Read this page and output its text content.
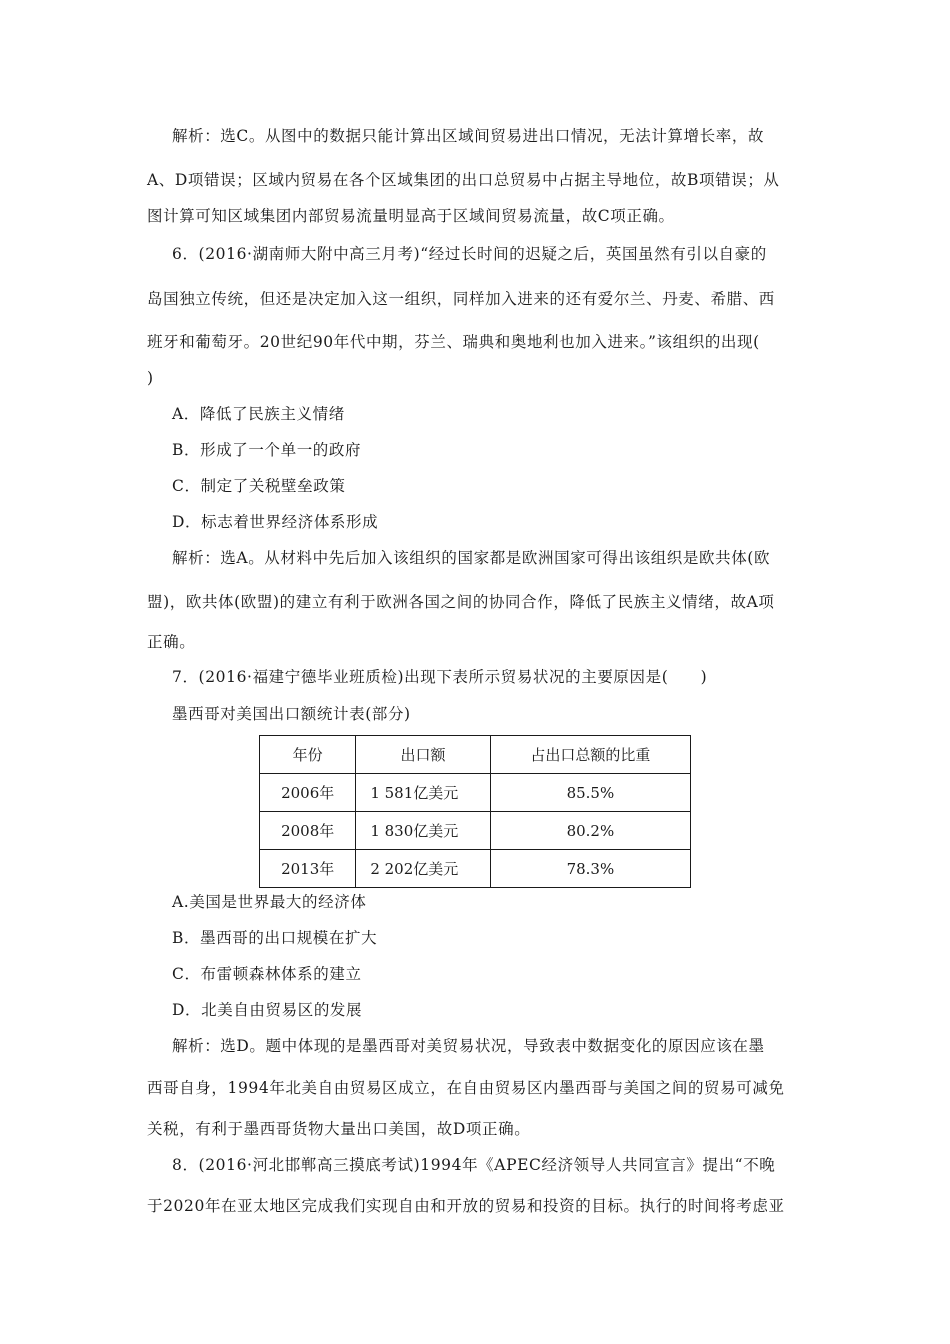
解析：选C。从图中的数据只能计算出区域间贸易进出口情况，无法计算增长率，故
A、D项错误；区域内贸易在各个区域集团的出口总贸易中占据主导地位，故B项错误；从
图计算可知区域集团内部贸易流量明显高于区域间贸易流量，故C项正确。
6．(2016·湖南师大附中高三月考)“经过长时间的迟疑之后，英国虽然有引以自豪的
岛国独立传统，但还是决定加入这一组织，同样加入进来的还有爱尔兰、丹麦、希腊、西
班牙和葡萄牙。20世纪90年代中期，芬兰、瑞典和奥地利也加入进来。”该组织的出现(
)
A．降低了民族主义情绪
B．形成了一个单一的政府
C．制定了关税壁垒政策
D．标志着世界经济体系形成
解析：选A。从材料中先后加入该组织的国家都是欧洲国家可得出该组织是欧共体(欧
盟)，欧共体(欧盟)的建立有利于欧洲各国之间的协同合作，降低了民族主义情绪，故A项
正确。
7．(2016·福建宁德毕业班质检)出现下表所示贸易状况的主要原因是(　　)
墨西哥对美国出口额统计表(部分)
年份	出口额	占出口总额的比重
2006年	1 581亿美元	85.5%
2008年	1 830亿美元	80.2%
2013年	2 202亿美元	78.3%
A.美国是世界最大的经济体
B．墨西哥的出口规模在扩大
C．布雷顿森林体系的建立
D．北美自由贸易区的发展
解析：选D。题中体现的是墨西哥对美贸易状况，导致表中数据变化的原因应该在墨
西哥自身，1994年北美自由贸易区成立，在自由贸易区内墨西哥与美国之间的贸易可减免
关税，有利于墨西哥货物大量出口美国，故D项正确。
8．(2016·河北邯郸高三摸底考试)1994年《APEC经济领导人共同宣言》提出“不晚
于2020年在亚太地区完成我们实现自由和开放的贸易和投资的目标。执行的时间将考虑亚
